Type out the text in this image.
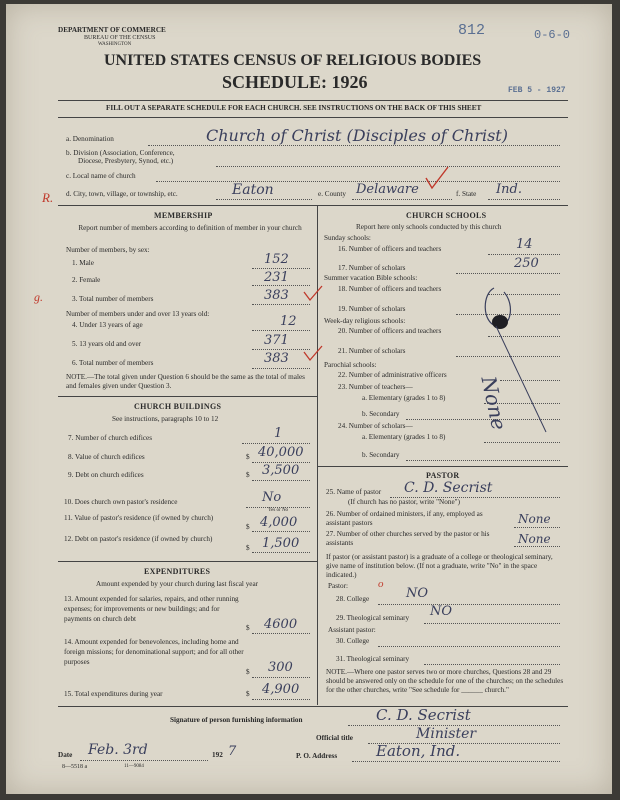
DEPARTMENT OF COMMERCE
BUREAU OF THE CENSUS
WASHINGTON
812	0-6-0
FEB 5 - 1927
UNITED STATES CENSUS OF RELIGIOUS BODIES
SCHEDULE: 1926
FILL OUT A SEPARATE SCHEDULE FOR EACH CHURCH. SEE INSTRUCTIONS ON THE BACK OF THIS SHEET
a. Denomination	Church of Christ (Disciples of Christ)
b. Division (Association, Conference,
Diocese, Presbytery, Synod, etc.)
c. Local name of church
R. d. City, town, village, or township, etc.	Eaton	e. County Delaware	f. State Ind.
MEMBERSHIP
Report number of members according to definition of member in your church
Number of members, by sex:
1. Male	152
2. Female	231
g.	3. Total number of members	383
Number of members under and over 13 years old:
4. Under 13 years of age	12
5. 13 years old and over	371
6. Total number of members	383
NOTE.—The total given under Question 6 should be the same as the total of males and females given under Question 3.
CHURCH BUILDINGS
See instructions, paragraphs 10 to 12
7. Number of church edifices	1
8. Value of church edifices	$ 40,000
9. Debt on church edifices	$ 3,500
10. Does church own pastor's residence	No
Yes or No
11. Value of pastor's residence (if owned by church)
$ 4,000
12. Debt on pastor's residence (if owned by church)
$ 1,500
EXPENDITURES
Amount expended by your church during last fiscal year
13. Amount expended for salaries, repairs, and other running expenses; for improvements or new buildings; and for payments on church debt
$ 4600
14. Amount expended for benevolences, including home and foreign missions; for denominational support; and for all other purposes
$ 300
15. Total expenditures during year	$ 4,900
CHURCH SCHOOLS
Report here only schools conducted by this church
Sunday schools:
16. Number of officers and teachers	14
17. Number of scholars	250
Summer vacation Bible schools:
18. Number of officers and teachers
19. Number of scholars
Week-day religious schools:
20. Number of officers and teachers
21. Number of scholars
Parochial schools:
22. Number of administrative officers
23. Number of teachers—
a. Elementary (grades 1 to 8)
b. Secondary
24. Number of scholars—
a. Elementary (grades 1 to 8)
b. Secondary
None
PASTOR
25. Name of pastor C. D. Secrist
(If church has no pastor, write "None")
26. Number of ordained ministers, if any, employed as assistant pastors	None
27. Number of other churches served by the pastor or his assistants	None
If pastor (or assistant pastor) is a graduate of a college or theological seminary, give name of institution below. (If not a graduate, write "No" in the space indicated.)
Pastor:
28. College	NO
29. Theological seminary NO
Assistant pastor:
30. College
31. Theological seminary
NOTE.—Where one pastor serves two or more churches, Questions 28 and 29 should be answered only on the schedule for one of the churches; on the schedules for the other churches, write "See schedule for ______ church."
Signature of person furnishing information	C. D. Secrist
Official title	Minister
Date Feb. 3rd	192 7	P. O. Address	Eaton, Ind.
8—5518 a	11—9084
o
